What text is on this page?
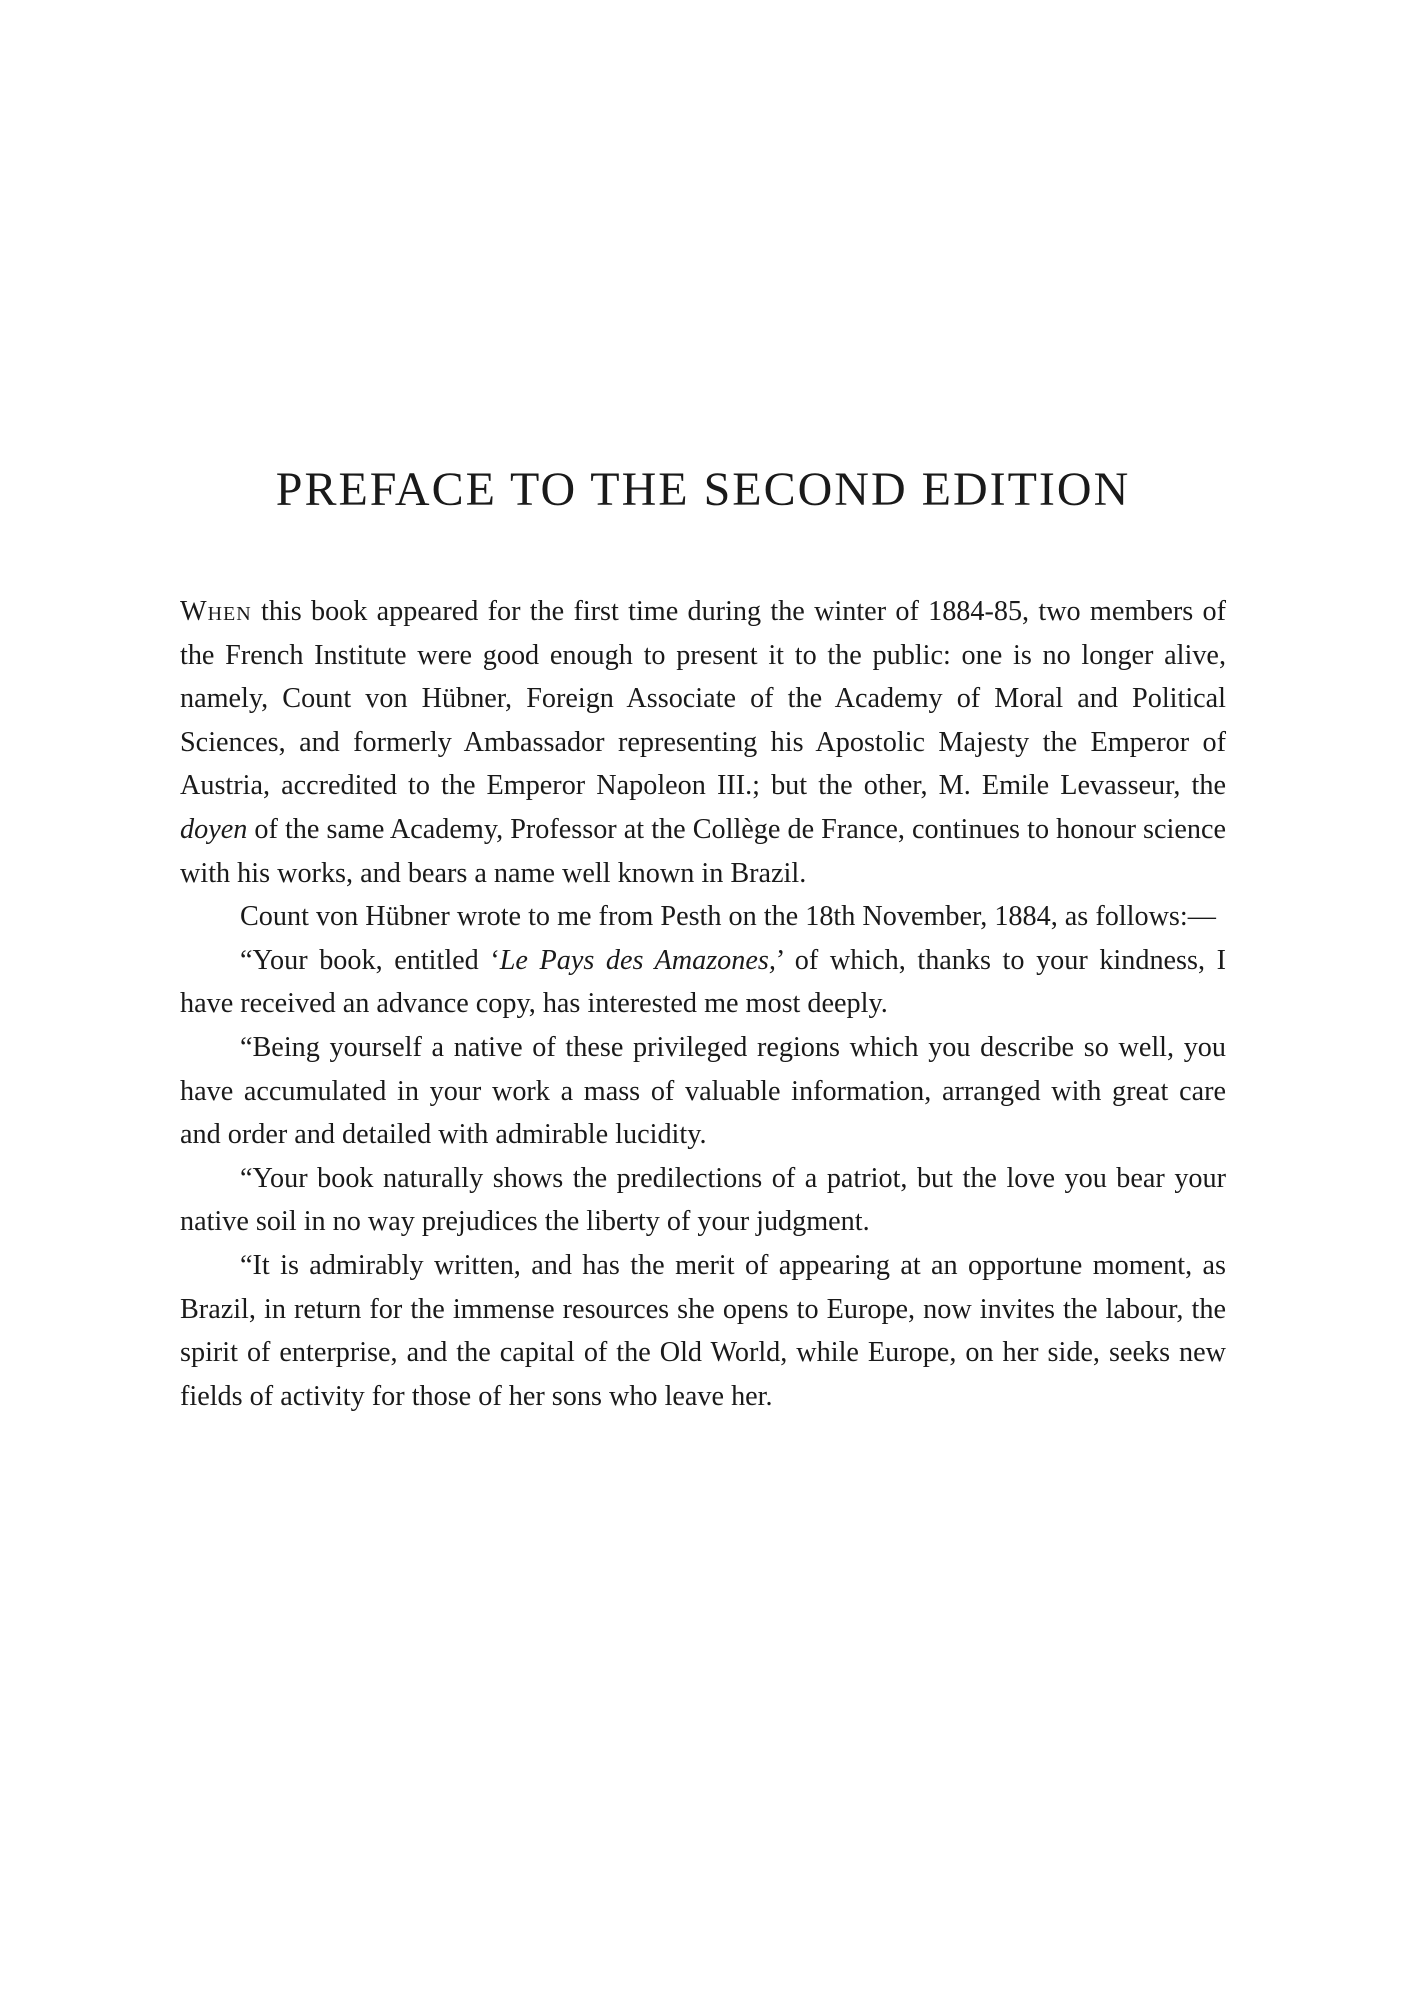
PREFACE TO THE SECOND EDITION

When this book appeared for the first time during the winter of 1884-85, two members of the French Institute were good enough to present it to the public: one is no longer alive, namely, Count von Hübner, Foreign Associate of the Academy of Moral and Political Sciences, and formerly Ambassador representing his Apostolic Majesty the Emperor of Austria, accredited to the Emperor Napoleon III.; but the other, M. Emile Levasseur, the doyen of the same Academy, Professor at the Collège de France, continues to honour science with his works, and bears a name well known in Brazil.

Count von Hübner wrote to me from Pesth on the 18th November, 1884, as follows:—

“Your book, entitled ‘Le Pays des Amazones,’ of which, thanks to your kindness, I have received an advance copy, has interested me most deeply.

“Being yourself a native of these privileged regions which you describe so well, you have accumulated in your work a mass of valuable information, arranged with great care and order and detailed with admirable lucidity.

“Your book naturally shows the predilections of a patriot, but the love you bear your native soil in no way prejudices the liberty of your judgment.

“It is admirably written, and has the merit of appearing at an opportune moment, as Brazil, in return for the immense resources she opens to Europe, now invites the labour, the spirit of enterprise, and the capital of the Old World, while Europe, on her side, seeks new fields of activity for those of her sons who leave her.
